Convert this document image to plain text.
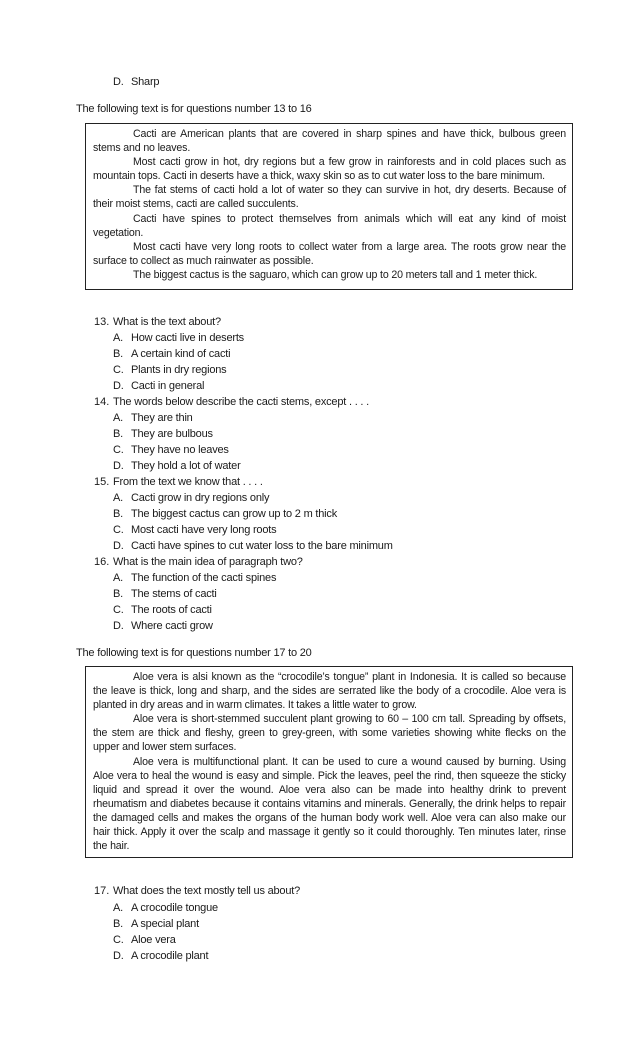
D. Sharp
The following text is for questions number 13 to 16

Cacti are American plants that are covered in sharp spines and have thick, bulbous green stems and no leaves.

Most cacti grow in hot, dry regions but a few grow in rainforests and in cold places such as mountain tops. Cacti in deserts have a thick, waxy skin so as to cut water loss to the bare minimum.

The fat stems of cacti hold a lot of water so they can survive in hot, dry deserts. Because of their moist stems, cacti are called succulents.

Cacti have spines to protect themselves from animals which will eat any kind of moist vegetation.

Most cacti have very long roots to collect water from a large area. The roots grow near the surface to collect as much rainwater as possible.

The biggest cactus is the saguaro, which can grow up to 20 meters tall and 1 meter thick.

13. What is the text about?
A. How cacti live in deserts
B. A certain kind of cacti
C. Plants in dry regions
D. Cacti in general
14. The words below describe the cacti stems, except . . . .
A. They are thin
B. They are bulbous
C. They have no leaves
D. They hold a lot of water
15. From the text we know that . . . .
A. Cacti grow in dry regions only
B. The biggest cactus can grow up to 2 m thick
C. Most cacti have very long roots
D. Cacti have spines to cut water loss to the bare minimum
16. What is the main idea of paragraph two?
A. The function of the cacti spines
B. The stems of cacti
C. The roots of cacti
D. Where cacti grow
The following text is for questions number 17 to 20

Aloe vera is alsi known as the “crocodile’s tongue” plant in Indonesia. It is called so because the leave is thick, long and sharp, and the sides are serrated like the body of a crocodile. Aloe vera is planted in dry areas and in warm climates. It takes a little water to grow.

Aloe vera is short-stemmed succulent plant growing to 60 – 100 cm tall. Spreading by offsets, the stem are thick and fleshy, green to grey-green, with some varieties showing white flecks on the upper and lower stem surfaces.

Aloe vera is multifunctional plant. It can be used to cure a wound caused by burning. Using Aloe vera to heal the wound is easy and simple. Pick the leaves, peel the rind, then squeeze the sticky liquid and spread it over the wound. Aloe vera also can be made into healthy drink to prevent rheumatism and diabetes because it contains vitamins and minerals. Generally, the drink helps to repair the damaged cells and makes the organs of the human body work well. Aloe vera can also make our hair thick. Apply it over the scalp and massage it gently so it could thoroughly. Ten minutes later, rinse the hair.

17. What does the text mostly tell us about?
A. A crocodile tongue
B. A special plant
C. Aloe vera
D. A crocodile plant
